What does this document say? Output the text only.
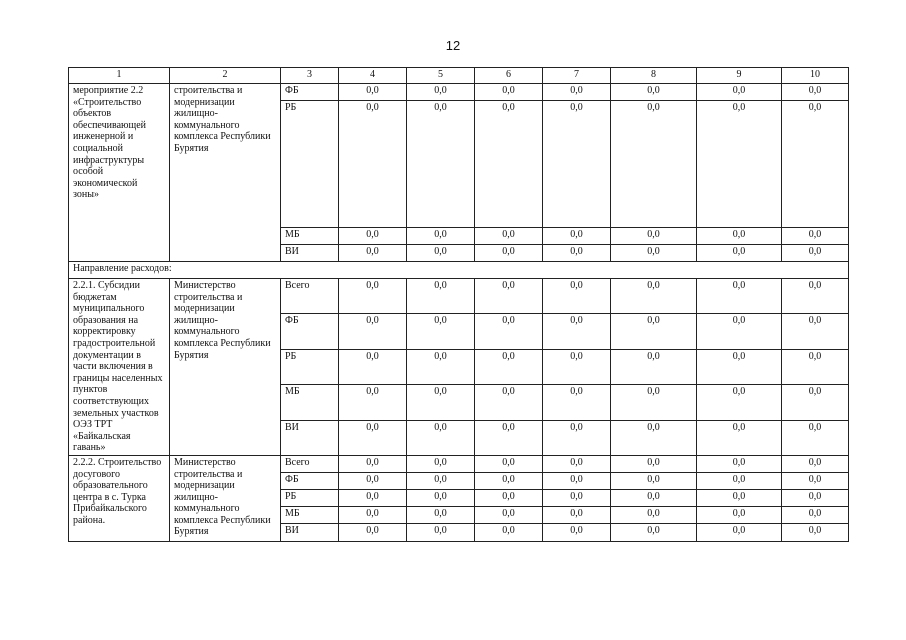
12
1	2	3	4	5	6	7	8	9	10
мероприятие 2.2 «Строительство объектов обеспечивающей инженерной и социальной инфраструктуры особой экономической зоны»	строительства и модернизации жилищно-коммунального комплекса Республики Бурятия	ФБ	0,0	0,0	0,0	0,0	0,0	0,0	0,0
		РБ	0,0	0,0	0,0	0,0	0,0	0,0	0,0
		МБ	0,0	0,0	0,0	0,0	0,0	0,0	0,0
		ВИ	0,0	0,0	0,0	0,0	0,0	0,0	0,0
Направление расходов:									
2.2.1. Субсидии бюджетам муниципального образования на корректировку градостроительной документации в части включения в границы населенных пунктов соответствующих земельных участков ОЭЗ ТРТ «Байкальская гавань»	Министерство строительства и модернизации жилищно-коммунального комплекса Республики Бурятия	Всего	0,0	0,0	0,0	0,0	0,0	0,0	0,0
		ФБ	0,0	0,0	0,0	0,0	0,0	0,0	0,0
		РБ	0,0	0,0	0,0	0,0	0,0	0,0	0,0
		МБ	0,0	0,0	0,0	0,0	0,0	0,0	0,0
		ВИ	0,0	0,0	0,0	0,0	0,0	0,0	0,0
2.2.2. Строительство досугового образовательного центра в с. Турка Прибайкальского района.	Министерство строительства и модернизации жилищно-коммунального комплекса Республики Бурятия	Всего	0,0	0,0	0,0	0,0	0,0	0,0	0,0
		ФБ	0,0	0,0	0,0	0,0	0,0	0,0	0,0
		РБ	0,0	0,0	0,0	0,0	0,0	0,0	0,0
		МБ	0,0	0,0	0,0	0,0	0,0	0,0	0,0
		ВИ	0,0	0,0	0,0	0,0	0,0	0,0	0,0
